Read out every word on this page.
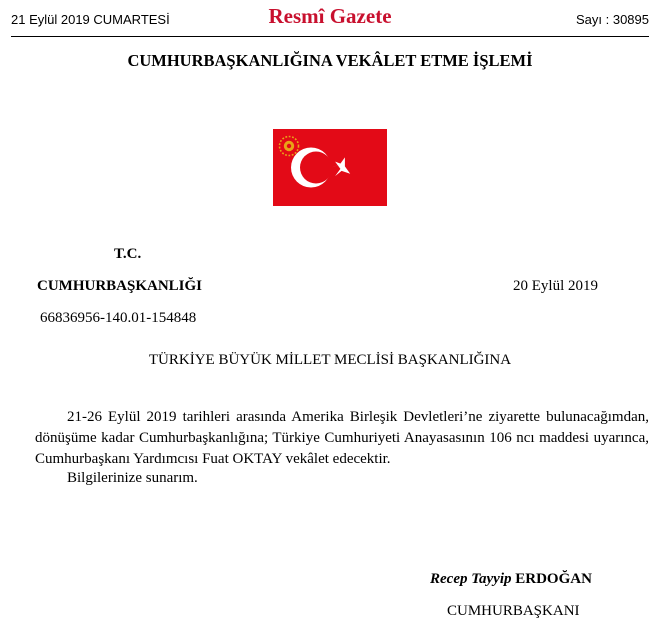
21 Eylül 2019 CUMARTESİ	Resmî Gazete	Sayı : 30895
CUMHURBAŞKANLIĞINA VEKÂLET ETME İŞLEMİ
T.C.
CUMHURBAŞKANLIĞI	20 Eylül 2019
66836956-140.01-154848
TÜRKİYE BÜYÜK MİLLET MECLİSİ BAŞKANLIĞINA

21-26 Eylül 2019 tarihleri arasında Amerika Birleşik Devletleri’ne ziyarette bulunacağımdan, dönüşüme kadar Cumhurbaşkanlığına; Türkiye Cumhuriyeti Anayasasının 106 ncı maddesi uyarınca, Cumhurbaşkanı Yardımcısı Fuat OKTAY vekâlet edecektir.

Bilgilerinize sunarım.
Recep Tayyip ERDOĞAN
CUMHURBAŞKANI
